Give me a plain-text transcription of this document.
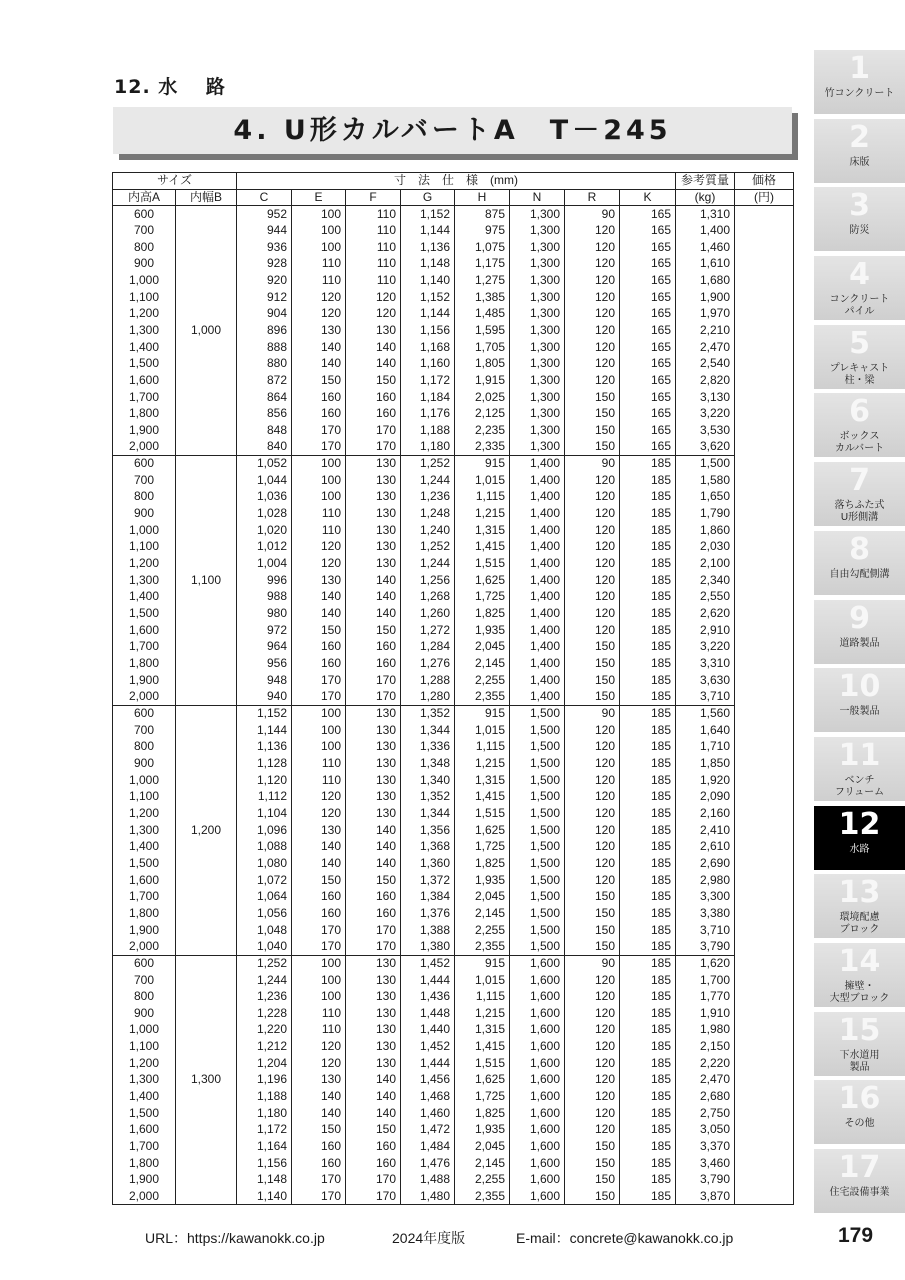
12. 水　 路
4. U形カルバートA　T－245
サイズ		寸　法　仕　様　(mm)								参考質量	価格
内高A	内幅B	C	E	F	G	H	N	R	K	(kg)	(円)
600	1,000	952	100	110	1,152	875	1,300	90	165	1,310	
700		944	100	110	1,144	975	1,300	120	165	1,400	
800		936	100	110	1,136	1,075	1,300	120	165	1,460	
900		928	110	110	1,148	1,175	1,300	120	165	1,610	
1,000		920	110	110	1,140	1,275	1,300	120	165	1,680	
1,100		912	120	120	1,152	1,385	1,300	120	165	1,900	
1,200		904	120	120	1,144	1,485	1,300	120	165	1,970	
1,300		896	130	130	1,156	1,595	1,300	120	165	2,210	
1,400		888	140	140	1,168	1,705	1,300	120	165	2,470	
1,500		880	140	140	1,160	1,805	1,300	120	165	2,540	
1,600		872	150	150	1,172	1,915	1,300	120	165	2,820	
1,700		864	160	160	1,184	2,025	1,300	150	165	3,130	
1,800		856	160	160	1,176	2,125	1,300	150	165	3,220	
1,900		848	170	170	1,188	2,235	1,300	150	165	3,530	
2,000		840	170	170	1,180	2,335	1,300	150	165	3,620	
600	1,100	1,052	100	130	1,252	915	1,400	90	185	1,500	
700		1,044	100	130	1,244	1,015	1,400	120	185	1,580	
800		1,036	100	130	1,236	1,115	1,400	120	185	1,650	
900		1,028	110	130	1,248	1,215	1,400	120	185	1,790	
1,000		1,020	110	130	1,240	1,315	1,400	120	185	1,860	
1,100		1,012	120	130	1,252	1,415	1,400	120	185	2,030	
1,200		1,004	120	130	1,244	1,515	1,400	120	185	2,100	
1,300		996	130	140	1,256	1,625	1,400	120	185	2,340	
1,400		988	140	140	1,268	1,725	1,400	120	185	2,550	
1,500		980	140	140	1,260	1,825	1,400	120	185	2,620	
1,600		972	150	150	1,272	1,935	1,400	120	185	2,910	
1,700		964	160	160	1,284	2,045	1,400	150	185	3,220	
1,800		956	160	160	1,276	2,145	1,400	150	185	3,310	
1,900		948	170	170	1,288	2,255	1,400	150	185	3,630	
2,000		940	170	170	1,280	2,355	1,400	150	185	3,710	
600	1,200	1,152	100	130	1,352	915	1,500	90	185	1,560	
700		1,144	100	130	1,344	1,015	1,500	120	185	1,640	
800		1,136	100	130	1,336	1,115	1,500	120	185	1,710	
900		1,128	110	130	1,348	1,215	1,500	120	185	1,850	
1,000		1,120	110	130	1,340	1,315	1,500	120	185	1,920	
1,100		1,112	120	130	1,352	1,415	1,500	120	185	2,090	
1,200		1,104	120	130	1,344	1,515	1,500	120	185	2,160	
1,300		1,096	130	140	1,356	1,625	1,500	120	185	2,410	
1,400		1,088	140	140	1,368	1,725	1,500	120	185	2,610	
1,500		1,080	140	140	1,360	1,825	1,500	120	185	2,690	
1,600		1,072	150	150	1,372	1,935	1,500	120	185	2,980	
1,700		1,064	160	160	1,384	2,045	1,500	150	185	3,300	
1,800		1,056	160	160	1,376	2,145	1,500	150	185	3,380	
1,900		1,048	170	170	1,388	2,255	1,500	150	185	3,710	
2,000		1,040	170	170	1,380	2,355	1,500	150	185	3,790	
600	1,300	1,252	100	130	1,452	915	1,600	90	185	1,620	
700		1,244	100	130	1,444	1,015	1,600	120	185	1,700	
800		1,236	100	130	1,436	1,115	1,600	120	185	1,770	
900		1,228	110	130	1,448	1,215	1,600	120	185	1,910	
1,000		1,220	110	130	1,440	1,315	1,600	120	185	1,980	
1,100		1,212	120	130	1,452	1,415	1,600	120	185	2,150	
1,200		1,204	120	130	1,444	1,515	1,600	120	185	2,220	
1,300		1,196	130	140	1,456	1,625	1,600	120	185	2,470	
1,400		1,188	140	140	1,468	1,725	1,600	120	185	2,680	
1,500		1,180	140	140	1,460	1,825	1,600	120	185	2,750	
1,600		1,172	150	150	1,472	1,935	1,600	120	185	3,050	
1,700		1,164	160	160	1,484	2,045	1,600	150	185	3,370	
1,800		1,156	160	160	1,476	2,145	1,600	150	185	3,460	
1,900		1,148	170	170	1,488	2,255	1,600	150	185	3,790	
2,000		1,140	170	170	1,480	2,355	1,600	150	185	3,870	
1
竹コンクリート
2
床版
3
防災
4
コンクリート
パイル
5
プレキャスト
柱・梁
6
ボックス
カルバート
7
落ちふた式
U形側溝
8
自由勾配側溝
9
道路製品
10
一般製品
11
ベンチ
フリューム
12
水路
13
環境配慮
ブロック
14
擁壁・
大型ブロック
15
下水道用
製品
16
その他
17
住宅設備事業
URL：https://kawanokk.co.jp	2024年度版	E-mail：concrete@kawanokk.co.jp	179
